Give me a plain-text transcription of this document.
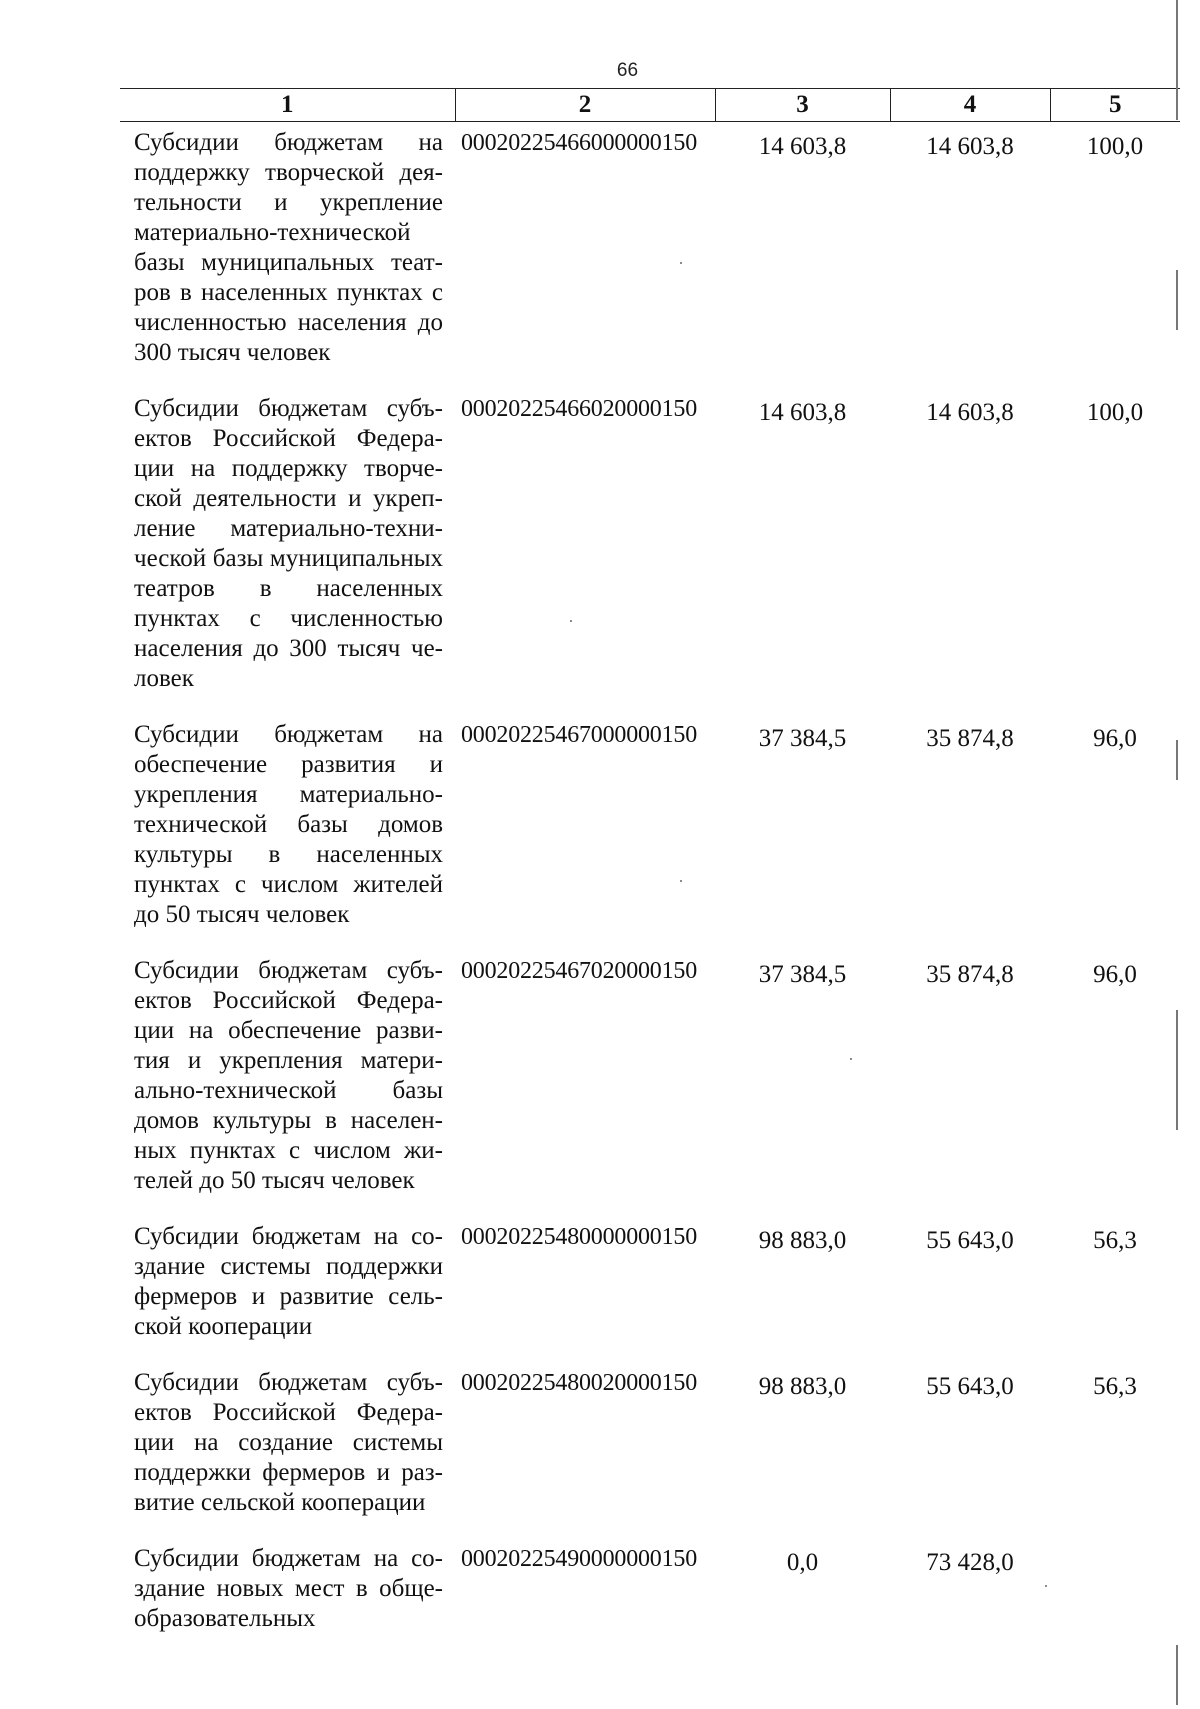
66
1	2	3	4	5
Субсидии бюджетам на поддержку творческой деятельности и укрепление материально-технической базы муниципальных театров в населенных пунктах с численностью населения до 300 тысяч человек	00020225466000000150	14 603,8	14 603,8	100,0
Субсидии бюджетам субъектов Российской Федерации на поддержку творческой деятельности и укрепление материально-технической базы муниципальных театров в населенных пунктах с численностью населения до 300 тысяч человек	00020225466020000150	14 603,8	14 603,8	100,0
Субсидии бюджетам на обеспечение развития и укрепления материально-технической базы домов культуры в населенных пунктах с числом жителей до 50 тысяч человек	00020225467000000150	37 384,5	35 874,8	96,0
Субсидии бюджетам субъектов Российской Федерации на обеспечение развития и укрепления материально-технической базы домов культуры в населенных пунктах с числом жителей до 50 тысяч человек	00020225467020000150	37 384,5	35 874,8	96,0
Субсидии бюджетам на создание системы поддержки фермеров и развитие сельской кооперации	00020225480000000150	98 883,0	55 643,0	56,3
Субсидии бюджетам субъектов Российской Федерации на создание системы поддержки фермеров и развитие сельской кооперации	00020225480020000150	98 883,0	55 643,0	56,3
Субсидии бюджетам на создание новых мест в общеобразовательных	00020225490000000150	0,0	73 428,0	
